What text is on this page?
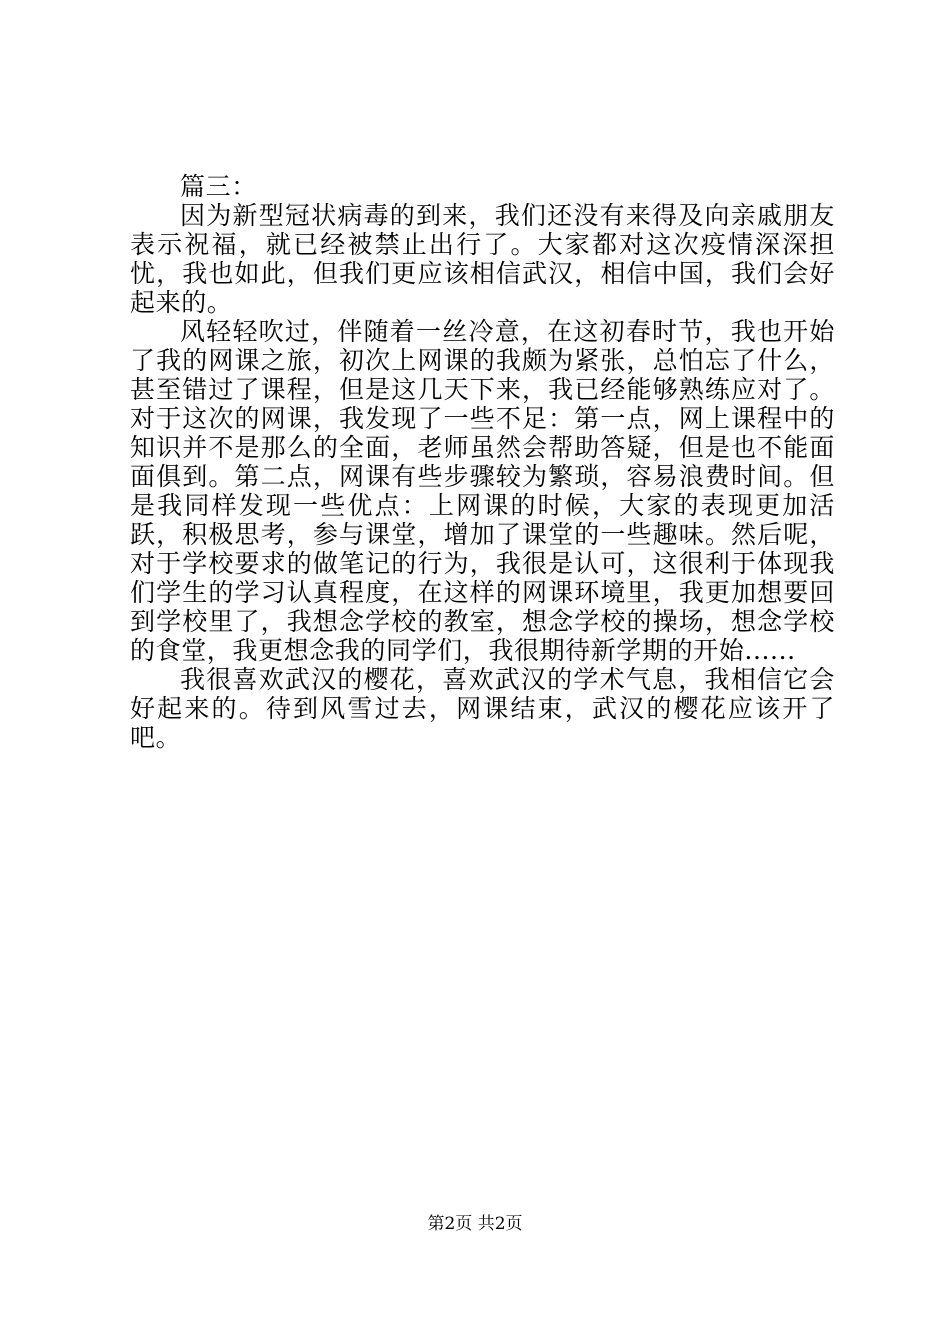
篇三：

因为新型冠状病毒的到来，我们还没有来得及向亲戚朋友表示祝福，就已经被禁止出行了。大家都对这次疫情深深担忧，我也如此，但我们更应该相信武汉，相信中国，我们会好起来的。

风轻轻吹过，伴随着一丝冷意，在这初春时节，我也开始了我的网课之旅，初次上网课的我颇为紧张，总怕忘了什么，甚至错过了课程，但是这几天下来，我已经能够熟练应对了。对于这次的网课，我发现了一些不足：第一点，网上课程中的知识并不是那么的全面，老师虽然会帮助答疑，但是也不能面面俱到。第二点，网课有些步骤较为繁琐，容易浪费时间。但是我同样发现一些优点：上网课的时候，大家的表现更加活跃，积极思考，参与课堂，增加了课堂的一些趣味。然后呢，对于学校要求的做笔记的行为，我很是认可，这很利于体现我们学生的学习认真程度，在这样的网课环境里，我更加想要回到学校里了，我想念学校的教室，想念学校的操场，想念学校的食堂，我更想念我的同学们，我很期待新学期的开始......

我很喜欢武汉的樱花，喜欢武汉的学术气息，我相信它会好起来的。待到风雪过去，网课结束，武汉的樱花应该开了吧。

第2页 共2页
